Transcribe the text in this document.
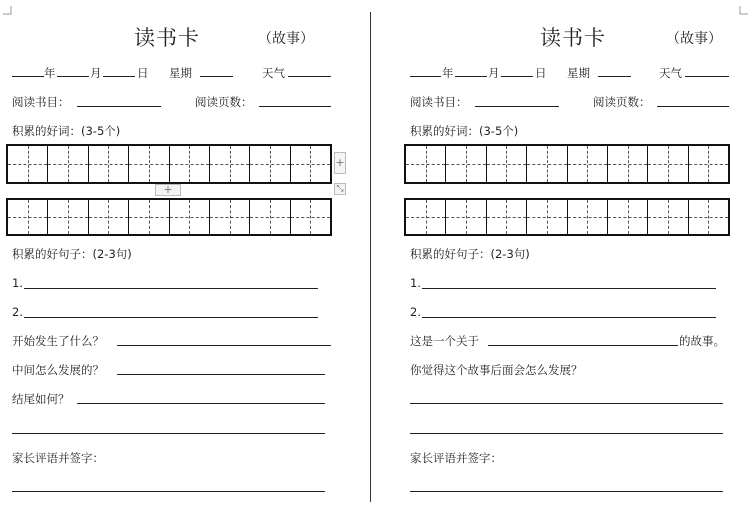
读书卡	（故事）
年	月	日 星期	天气
阅读书目：	阅读页数：
积累的好词：(3-5个)
+
+	⤡
积累的好句子：(2-3句)
1.
2.
开始发生了什么？
中间怎么发展的？
结尾如何？
家长评语并签字：
读书卡	（故事）
年	月	日 星期	天气
阅读书目：	阅读页数：
积累的好词：(3-5个)
积累的好句子：(2-3句)
1.
2.
这是一个关于	的故事。
你觉得这个故事后面会怎么发展？
家长评语并签字：
